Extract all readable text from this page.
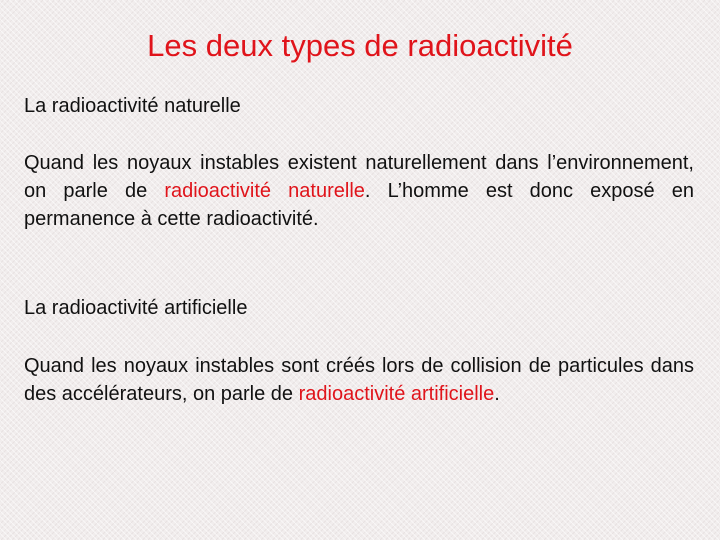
Les deux types de radioactivité
La radioactivité naturelle

Quand les noyaux instables existent naturellement dans l’environnement, on parle de radioactivité naturelle. L’homme est donc exposé en permanence à cette radioactivité.

La radioactivité artificielle

Quand les noyaux instables sont créés lors de collision de particules dans des accélérateurs, on parle de radioactivité artificielle.
